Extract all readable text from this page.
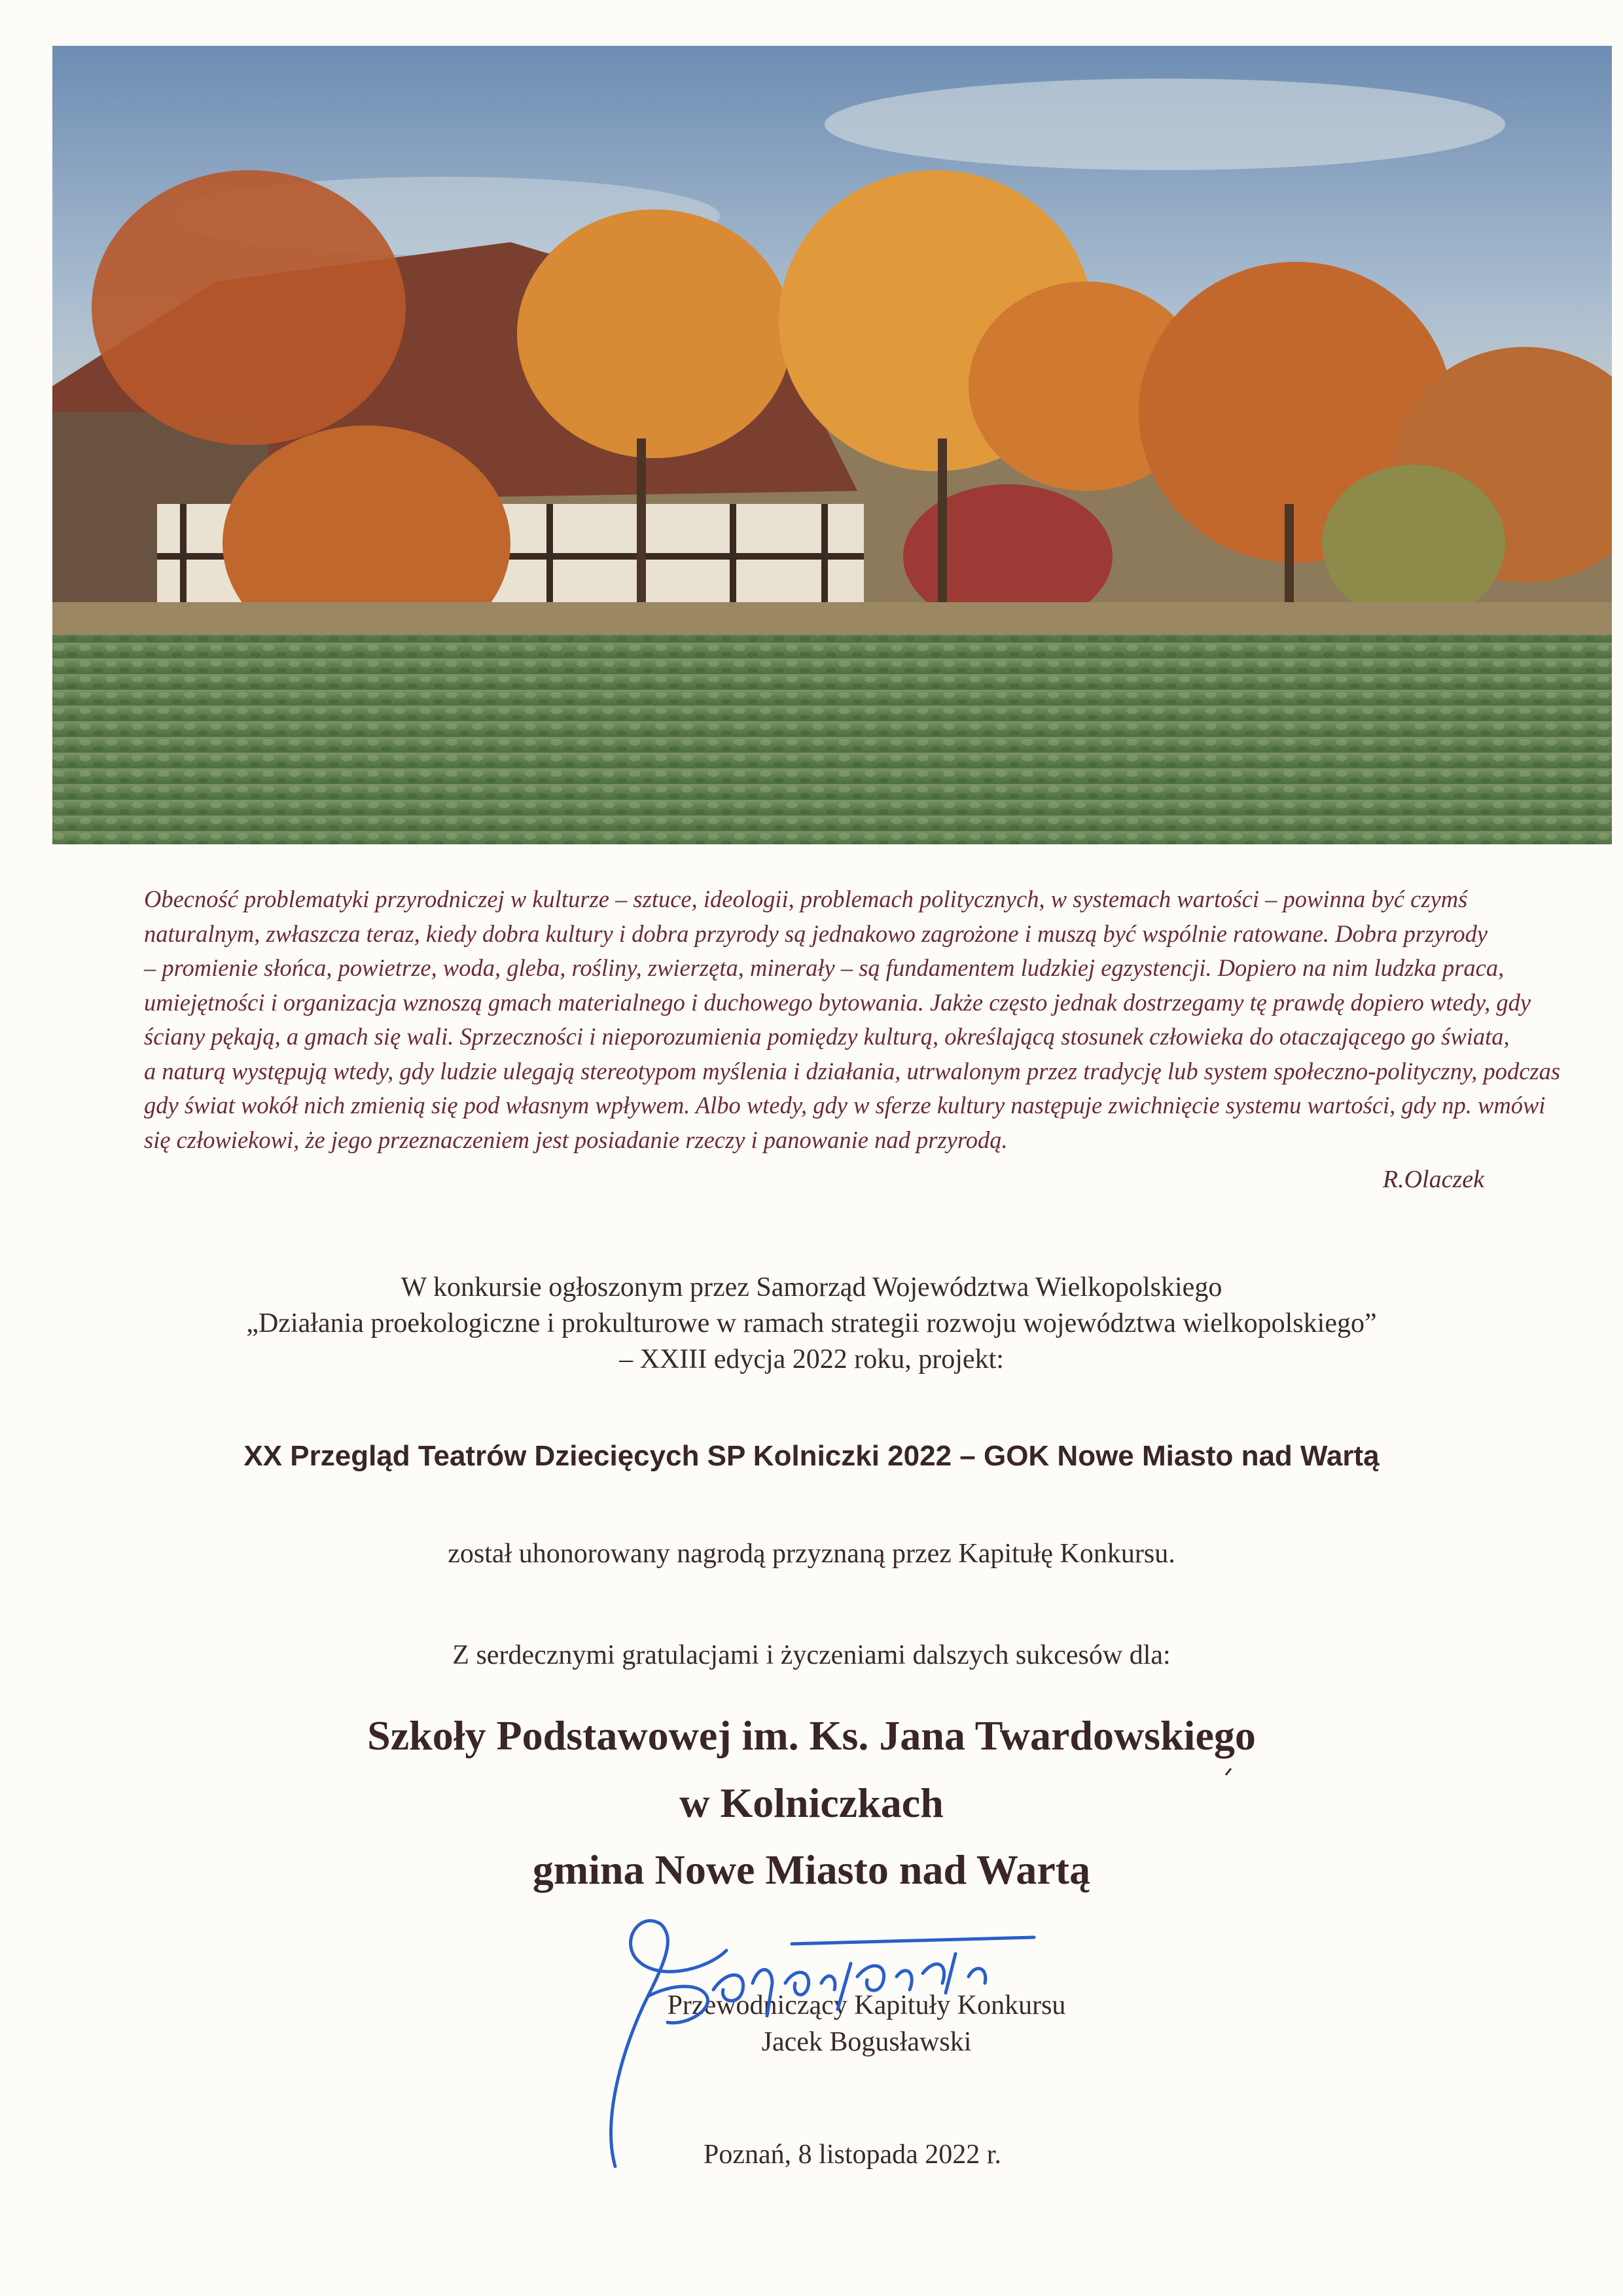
Obecność problematyki przyrodniczej w kulturze – sztuce, ideologii, problemach politycznych, w systemach wartości – powinna być czymś
naturalnym, zwłaszcza teraz, kiedy dobra kultury i dobra przyrody są jednakowo zagrożone i muszą być wspólnie ratowane. Dobra przyrody
– promienie słońca, powietrze, woda, gleba, rośliny, zwierzęta, minerały – są fundamentem ludzkiej egzystencji. Dopiero na nim ludzka praca,
umiejętności i organizacja wznoszą gmach materialnego i duchowego bytowania. Jakże często jednak dostrzegamy tę prawdę dopiero wtedy, gdy
ściany pękają, a gmach się wali. Sprzeczności i nieporozumienia pomiędzy kulturą, określającą stosunek człowieka do otaczającego go świata,
a naturą występują wtedy, gdy ludzie ulegają stereotypom myślenia i działania, utrwalonym przez tradycję lub system społeczno-polityczny, podczas
gdy świat wokół nich zmienią się pod własnym wpływem. Albo wtedy, gdy w sferze kultury następuje zwichnięcie systemu wartości, gdy np. wmówi
się człowiekowi, że jego przeznaczeniem jest posiadanie rzeczy i panowanie nad przyrodą.
R.Olaczek
W konkursie ogłoszonym przez Samorząd Województwa Wielkopolskiego
„Działania proekologiczne i prokulturowe w ramach strategii rozwoju województwa wielkopolskiego”
– XXIII edycja 2022 roku, projekt:
XX Przegląd Teatrów Dziecięcych SP Kolniczki 2022 – GOK Nowe Miasto nad Wartą
został uhonorowany nagrodą przyznaną przez Kapitułę Konkursu.
Z serdecznymi gratulacjami i życzeniami dalszych sukcesów dla:
Szkoły Podstawowej im. Ks. Jana Twardowskiego
w Kolniczkach
gmina Nowe Miasto nad Wartą
Przewodniczący Kapituły Konkursu
Jacek Bogusławski
Poznań, 8 listopada 2022 r.
